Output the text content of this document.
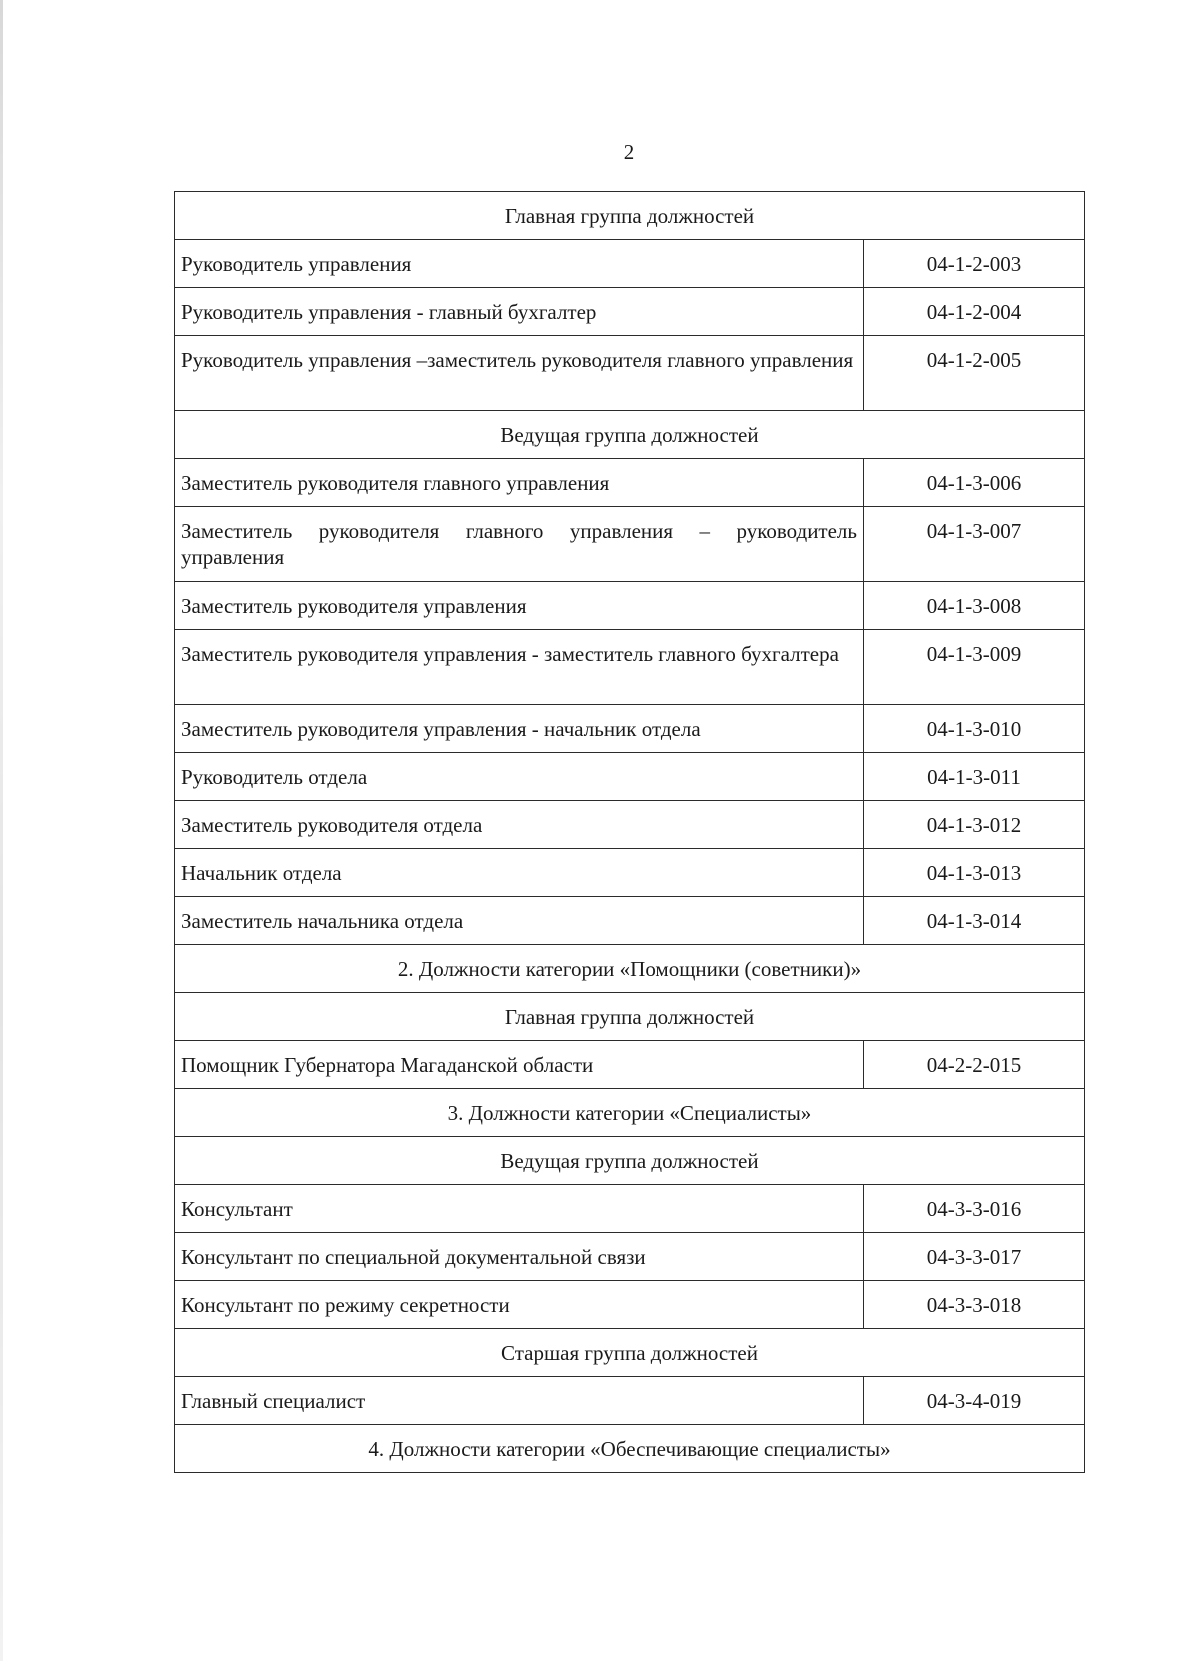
2
Главная группа должностей	
Руководитель управления	04-1-2-003
Руководитель управления - главный бухгалтер	04-1-2-004
Руководитель управления –заместитель руководителя главного управления	04-1-2-005
Ведущая группа должностей	
Заместитель руководителя главного управления	04-1-3-006
Заместитель руководителя главного управления – руководитель управления	04-1-3-007
Заместитель руководителя управления	04-1-3-008
Заместитель руководителя управления - заместитель главного бухгалтера	04-1-3-009
Заместитель руководителя управления - начальник отдела	04-1-3-010
Руководитель отдела	04-1-3-011
Заместитель руководителя отдела	04-1-3-012
Начальник отдела	04-1-3-013
Заместитель начальника отдела	04-1-3-014
2. Должности категории «Помощники (советники)»	
Главная группа должностей	
Помощник Губернатора Магаданской области	04-2-2-015
3. Должности категории «Специалисты»	
Ведущая группа должностей	
Консультант	04-3-3-016
Консультант по специальной документальной связи	04-3-3-017
Консультант по режиму секретности	04-3-3-018
Старшая группа должностей	
Главный специалист	04-3-4-019
4. Должности категории «Обеспечивающие специалисты»	
